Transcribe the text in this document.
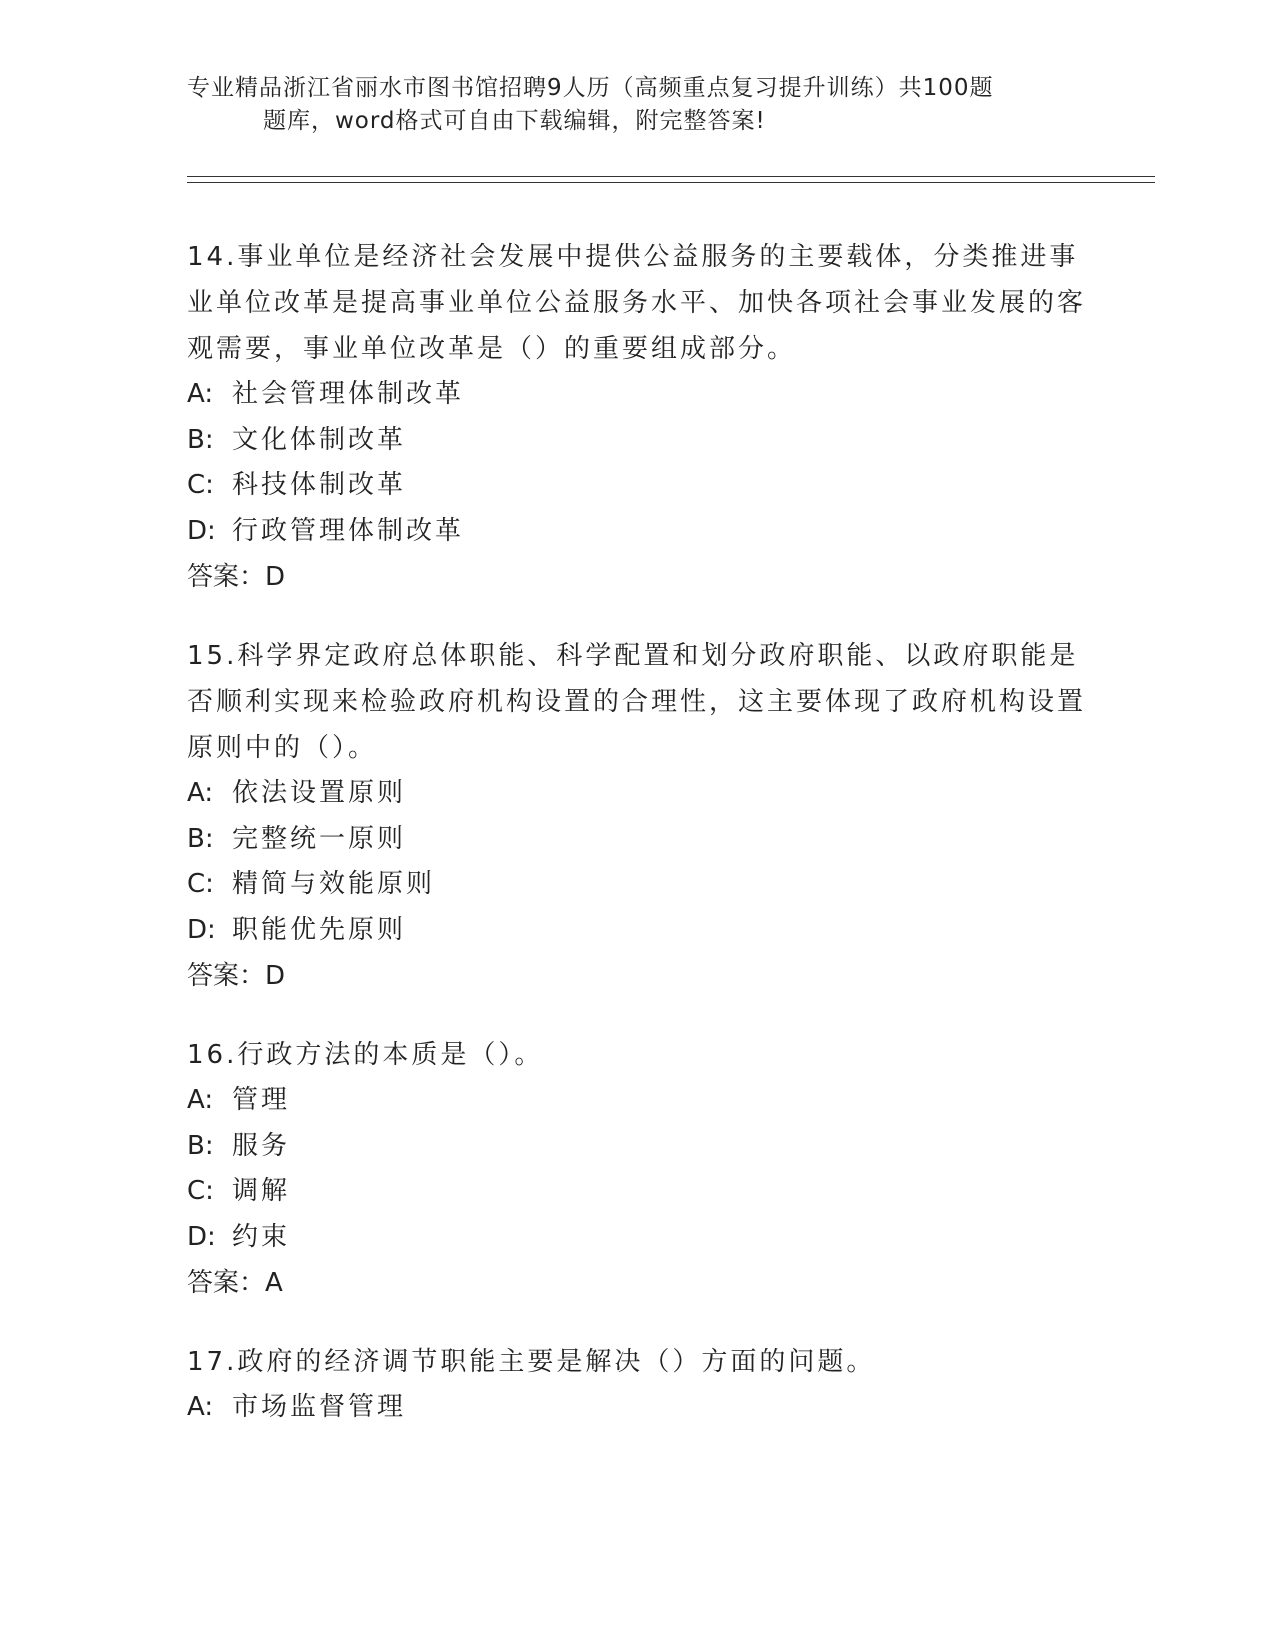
专业精品浙江省丽水市图书馆招聘9人历（高频重点复习提升训练）共100题
题库，word格式可自由下载编辑，附完整答案!

14.事业单位是经济社会发展中提供公益服务的主要载体，分类推进事业单位改革是提高事业单位公益服务水平、加快各项社会事业发展的客观需要，事业单位改革是（）的重要组成部分。

A: 社会管理体制改革
B: 文化体制改革
C: 科技体制改革
D: 行政管理体制改革
答案：D

15.科学界定政府总体职能、科学配置和划分政府职能、以政府职能是否顺利实现来检验政府机构设置的合理性，这主要体现了政府机构设置原则中的（）。

A: 依法设置原则
B: 完整统一原则
C: 精简与效能原则
D: 职能优先原则
答案：D

16.行政方法的本质是（）。

A: 管理
B: 服务
C: 调解
D: 约束
答案：A

17.政府的经济调节职能主要是解决（）方面的问题。

A: 市场监督管理
